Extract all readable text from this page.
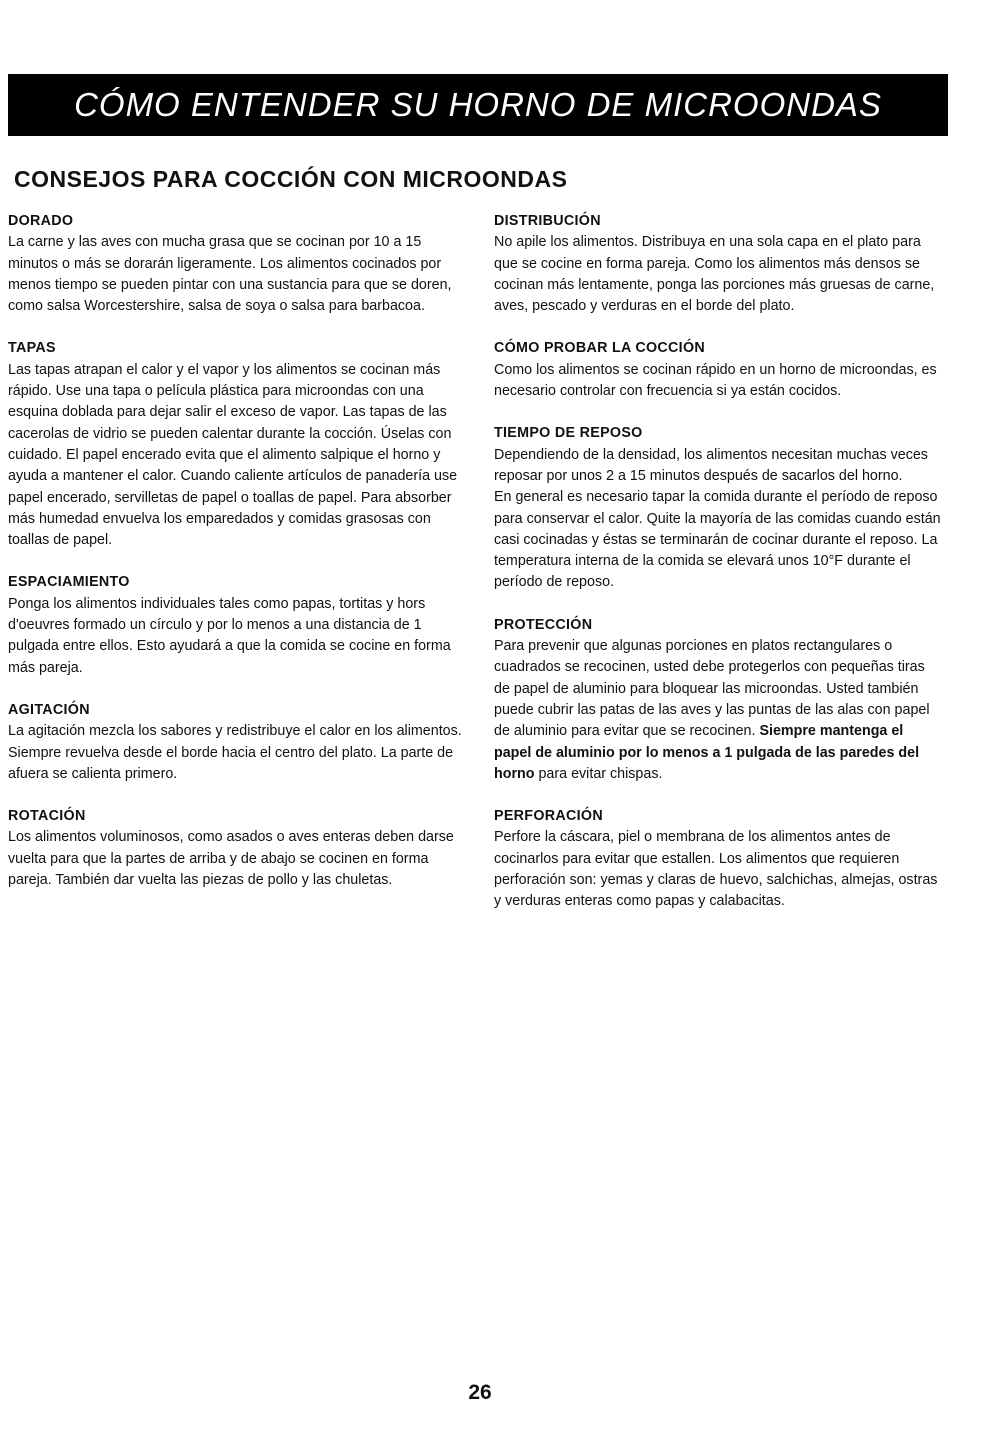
CÓMO ENTENDER SU HORNO DE MICROONDAS
CONSEJOS PARA COCCIÓN CON MICROONDAS
DORADO

La carne y las aves con mucha grasa que se cocinan por 10 a 15 minutos o más se dorarán ligeramente. Los alimentos cocinados por menos tiempo se pueden pintar con una sustancia para que se doren, como salsa Worcestershire, salsa de soya o salsa para barbacoa.

TAPAS

Las tapas atrapan el calor y el vapor y los alimentos se cocinan más rápido. Use una tapa o película plástica para microondas con una esquina doblada para dejar salir el exceso de vapor. Las tapas de las cacerolas de vidrio se pueden calentar durante la cocción. Úselas con cuidado. El papel encerado evita que el alimento salpique el horno y ayuda a mantener el calor. Cuando caliente artículos de panadería use papel encerado, servilletas de papel o toallas de papel. Para absorber más humedad envuelva los emparedados y comidas grasosas con toallas de papel.

ESPACIAMIENTO

Ponga los alimentos individuales tales como papas, tortitas y hors d'oeuvres formado un círculo y por lo menos a una distancia de 1 pulgada entre ellos. Esto ayudará a que la comida se cocine en forma más pareja.

AGITACIÓN

La agitación mezcla los sabores y redistribuye el calor en los alimentos. Siempre revuelva desde el borde hacia el centro del plato. La parte de afuera se calienta primero.

ROTACIÓN

Los alimentos voluminosos, como asados o aves enteras deben darse vuelta para que la partes de arriba y de abajo se cocinen en forma pareja. También dar vuelta las piezas de pollo y las chuletas.

DISTRIBUCIÓN

No apile los alimentos. Distribuya en una sola capa en el plato para que se cocine en forma pareja. Como los alimentos más densos se cocinan más lentamente, ponga las porciones más gruesas de carne, aves, pescado y verduras en el borde del plato.

CÓMO PROBAR LA COCCIÓN

Como los alimentos se cocinan rápido en un horno de microondas, es necesario controlar con frecuencia si ya están cocidos.

TIEMPO DE REPOSO

Dependiendo de la densidad, los alimentos necesitan muchas veces reposar por unos 2 a 15 minutos después de sacarlos del horno.

En general es necesario tapar la comida durante el período de reposo para conservar el calor. Quite la mayoría de las comidas cuando están casi cocinadas y éstas se terminarán de cocinar durante el reposo. La temperatura interna de la comida se elevará unos 10°F durante el período de reposo.

PROTECCIÓN

Para prevenir que algunas porciones en platos rectangulares o cuadrados se recocinen, usted debe protegerlos con pequeñas tiras de papel de aluminio para bloquear las microondas. Usted también puede cubrir las patas de las aves y las puntas de las alas con papel de aluminio para evitar que se recocinen. Siempre mantenga el papel de aluminio por lo menos a 1 pulgada de las paredes del horno para evitar chispas.

PERFORACIÓN

Perfore la cáscara, piel o membrana de los alimentos antes de cocinarlos para evitar que estallen. Los alimentos que requieren perforación son: yemas y claras de huevo, salchichas, almejas, ostras y verduras enteras como papas y calabacitas.

26
